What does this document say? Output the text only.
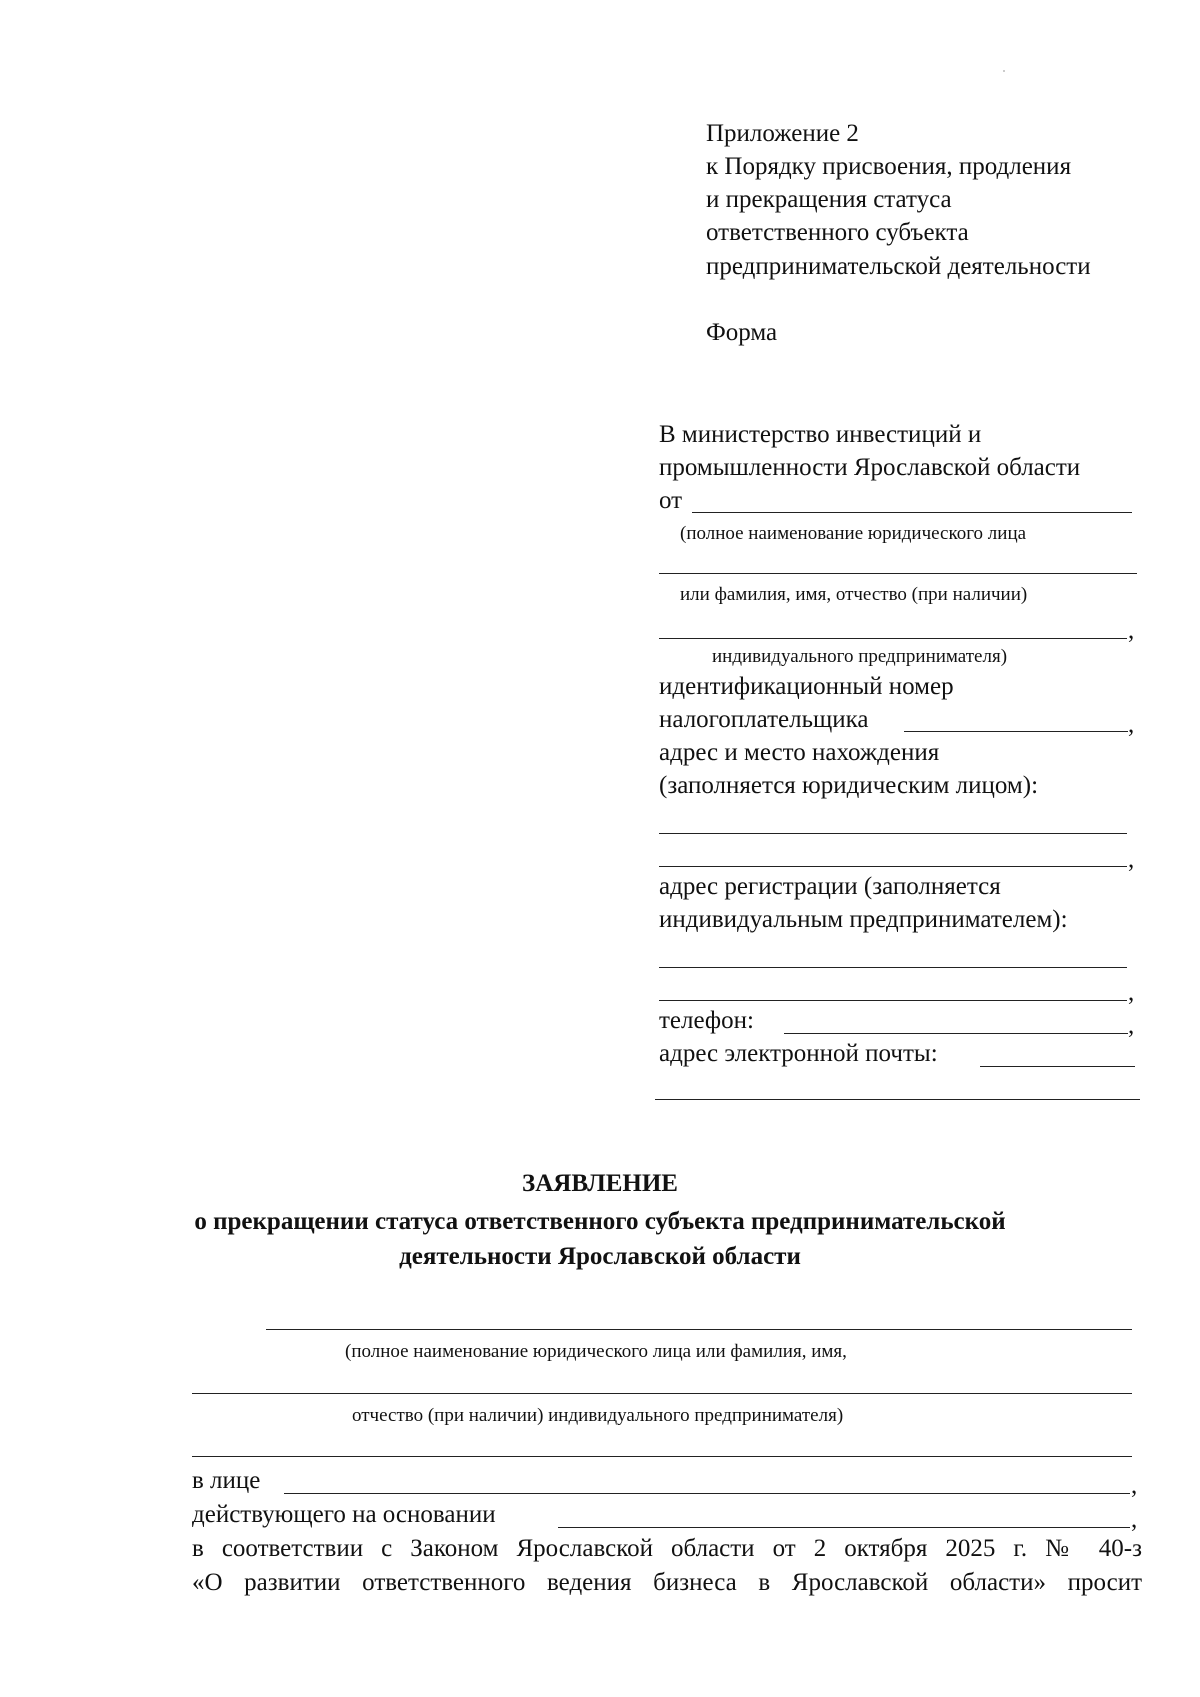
Приложение 2
к Порядку присвоения, продления
и прекращения статуса
ответственного субъекта
предпринимательской деятельности
Форма
В министерство инвестиций и
промышленности Ярославской области
от
(полное наименование юридического лица
или фамилия, имя, отчество (при наличии)
,
индивидуального предпринимателя)
идентификационный номер
налогоплательщика	,
адрес и место нахождения
(заполняется юридическим лицом):
,
адрес регистрации (заполняется
индивидуальным предпринимателем):
,
телефон:	,
адрес электронной почты:
ЗАЯВЛЕНИЕ
о прекращении статуса ответственного субъекта предпринимательской
деятельности Ярославской области
(полное наименование юридического лица или фамилия, имя,
отчество (при наличии) индивидуального предпринимателя)
в лице	,
действующего на основании	,
в соответствии с Законом Ярославской области от 2 октября 2025 г. № 40-з
«О развитии ответственного ведения бизнеса в Ярославской области» просит
